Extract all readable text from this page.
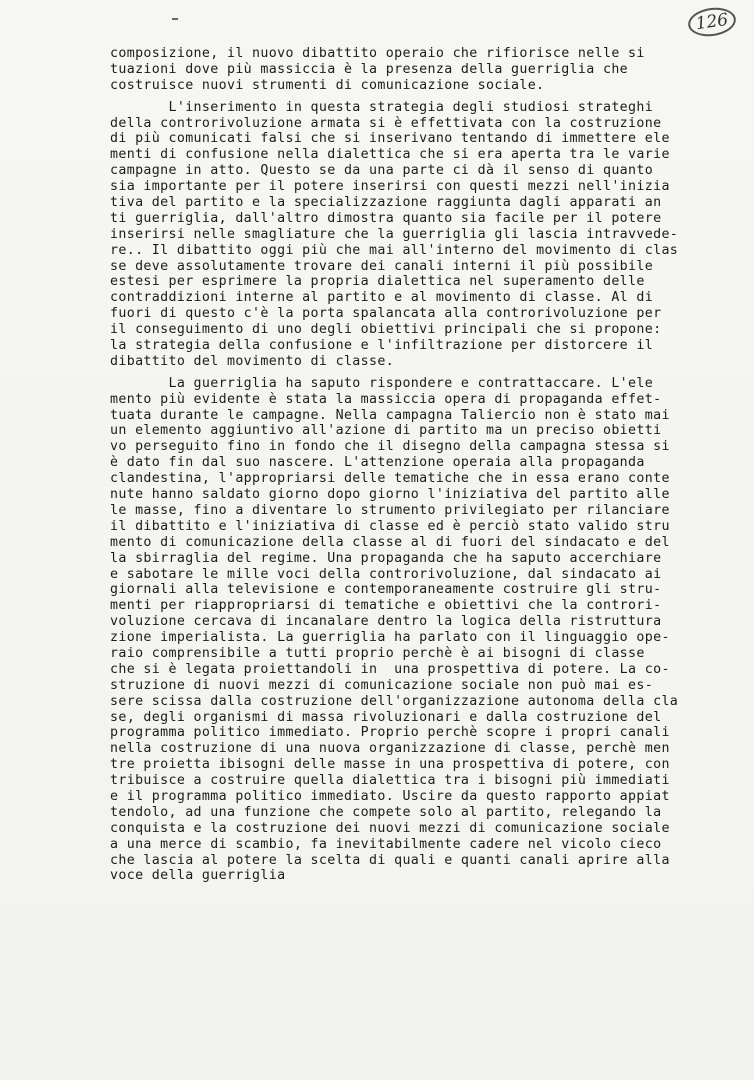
126
composizione, il nuovo dibattito operaio che rifiorisce nelle si
tuazioni dove più massiccia è la presenza della guerriglia che
costruisce nuovi strumenti di comunicazione sociale.
L'inserimento in questa strategia degli studiosi strateghi
della controrivoluzione armata si è effettivata con la costruzione
di più comunicati falsi che si inserivano tentando di immettere ele
menti di confusione nella dialettica che si era aperta tra le varie
campagne in atto. Questo se da una parte ci dà il senso di quanto
sia importante per il potere inserirsi con questi mezzi nell'inizia
tiva del partito e la specializzazione raggiunta dagli apparati an
ti guerriglia, dall'altro dimostra quanto sia facile per il potere
inserirsi nelle smagliature che la guerriglia gli lascia intravvede-
re.. Il dibattito oggi più che mai all'interno del movimento di clas
se deve assolutamente trovare dei canali interni il più possibile
estesi per esprimere la propria dialettica nel superamento delle
contraddizioni interne al partito e al movimento di classe. Al di
fuori di questo c'è la porta spalancata alla controrivoluzione per
il conseguimento di uno degli obiettivi principali che si propone:
la strategia della confusione e l'infiltrazione per distorcere il
dibattito del movimento di classe.
La guerriglia ha saputo rispondere e contrattaccare. L'ele
mento più evidente è stata la massiccia opera di propaganda effet-
tuata durante le campagne. Nella campagna Taliercio non è stato mai
un elemento aggiuntivo all'azione di partito ma un preciso obietti
vo perseguito fino in fondo che il disegno della campagna stessa si
è dato fin dal suo nascere. L'attenzione operaia alla propaganda
clandestina, l'appropriarsi delle tematiche che in essa erano conte
nute hanno saldato giorno dopo giorno l'iniziativa del partito alle
le masse, fino a diventare lo strumento privilegiato per rilanciare
il dibattito e l'iniziativa di classe ed è perciò stato valido stru
mento di comunicazione della classe al di fuori del sindacato e del
la sbirraglia del regime. Una propaganda che ha saputo accerchiare
e sabotare le mille voci della controrivoluzione, dal sindacato ai
giornali alla televisione e contemporaneamente costruire gli stru-
menti per riappropriarsi di tematiche e obiettivi che la controri-
voluzione cercava di incanalare dentro la logica della ristruttura
zione imperialista. La guerriglia ha parlato con il linguaggio ope-
raio comprensibile a tutti proprio perchè è ai bisogni di classe
che si è legata proiettandoli in  una prospettiva di potere. La co-
struzione di nuovi mezzi di comunicazione sociale non può mai es-
sere scissa dalla costruzione dell'organizzazione autonoma della cla
se, degli organismi di massa rivoluzionari e dalla costruzione del
programma politico immediato. Proprio perchè scopre i propri canali
nella costruzione di una nuova organizzazione di classe, perchè men
tre proietta ibisogni delle masse in una prospettiva di potere, con
tribuisce a costruire quella dialettica tra i bisogni più immediati
e il programma politico immediato. Uscire da questo rapporto appiat
tendolo, ad una funzione che compete solo al partito, relegando la
conquista e la costruzione dei nuovi mezzi di comunicazione sociale
a una merce di scambio, fa inevitabilmente cadere nel vicolo cieco
che lascia al potere la scelta di quali e quanti canali aprire alla
voce della guerriglia
